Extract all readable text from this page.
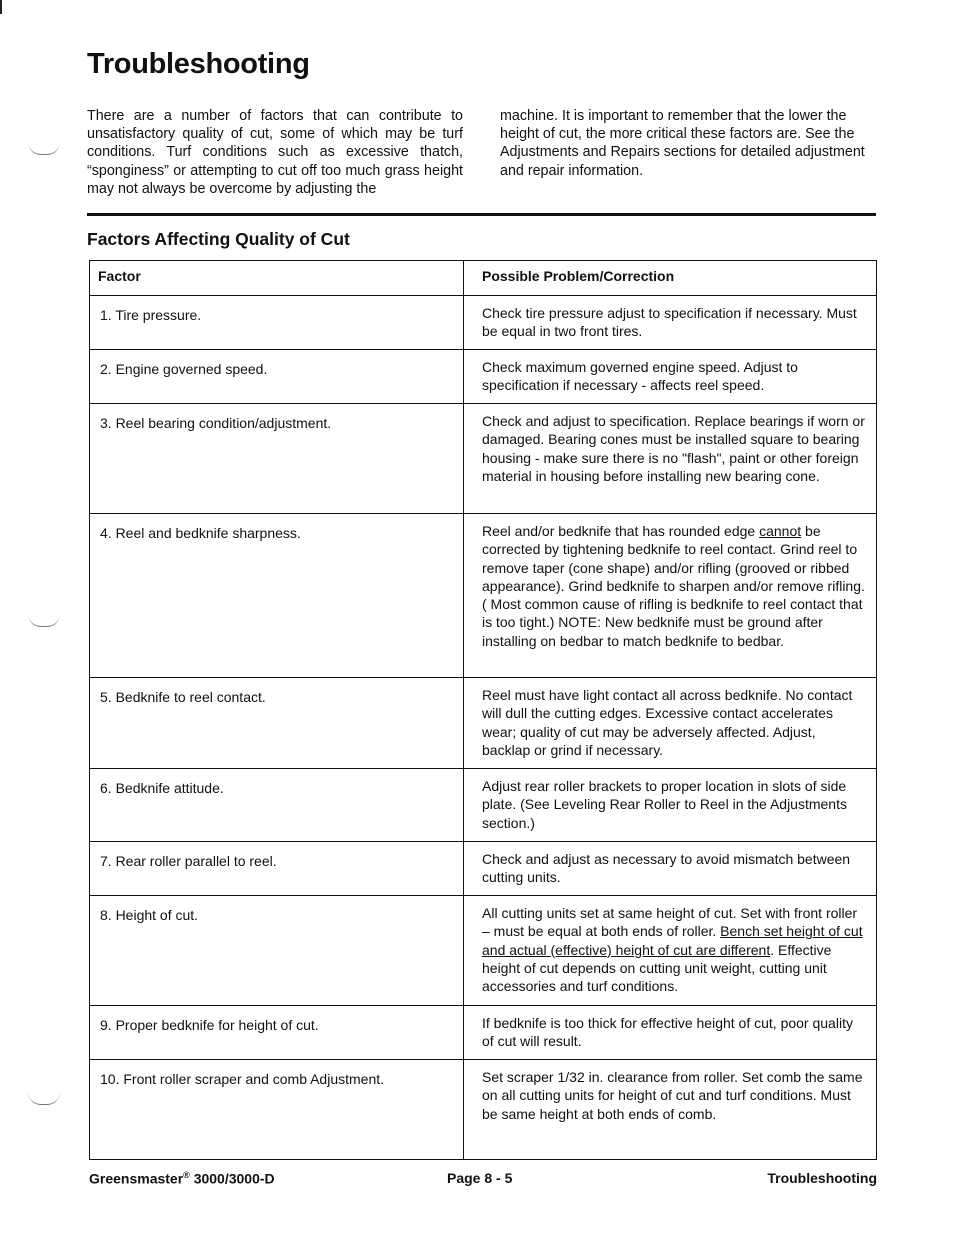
Troubleshooting

There are a number of factors that can contribute to unsatisfactory quality of cut, some of which may be turf conditions. Turf conditions such as excessive thatch, “sponginess” or attempting to cut off too much grass height may not always be overcome by adjusting the

machine. It is important to remember that the lower the height of cut, the more critical these factors are. See the Adjustments and Repairs sections for detailed adjustment and repair information.

Factors Affecting Quality of Cut
Factor	Possible Problem/Correction
1. Tire pressure.	Check tire pressure adjust to specification if necessary. Must be equal in two front tires.
2. Engine governed speed.	Check maximum governed engine speed. Adjust to specification if necessary - affects reel speed.
3. Reel bearing condition/adjustment.	Check and adjust to specification. Replace bearings if worn or damaged. Bearing cones must be installed square to bearing housing - make sure there is no "flash", paint or other foreign material in housing before installing new bearing cone.
4. Reel and bedknife sharpness.	Reel and/or bedknife that has rounded edge cannot be corrected by tightening bedknife to reel contact. Grind reel to remove taper (cone shape) and/or rifling (grooved or ribbed appearance). Grind bedknife to sharpen and/or remove rifling. ( Most common cause of rifling is bedknife to reel contact that is too tight.) NOTE: New bedknife must be ground after installing on bedbar to match bedknife to bedbar.
5. Bedknife to reel contact.	Reel must have light contact all across bedknife. No contact will dull the cutting edges. Excessive contact accelerates wear; quality of cut may be adversely affected. Adjust, backlap or grind if necessary.
6. Bedknife attitude.	Adjust rear roller brackets to proper location in slots of side plate. (See Leveling Rear Roller to Reel in the Adjustments section.)
7. Rear roller parallel to reel.	Check and adjust as necessary to avoid mismatch between cutting units.
8. Height of cut.	All cutting units set at same height of cut. Set with front roller – must be equal at both ends of roller. Bench set height of cut and actual (effective) height of cut are different. Effective height of cut depends on cutting unit weight, cutting unit accessories and turf conditions.
9. Proper bedknife for height of cut.	If bedknife is too thick for effective height of cut, poor quality of cut will result.
10. Front roller scraper and comb Adjustment.	Set scraper 1/32 in. clearance from roller. Set comb the same on all cutting units for height of cut and turf conditions. Must be same height at both ends of comb.
Greensmaster® 3000/3000-D	Page 8 - 5	Troubleshooting
